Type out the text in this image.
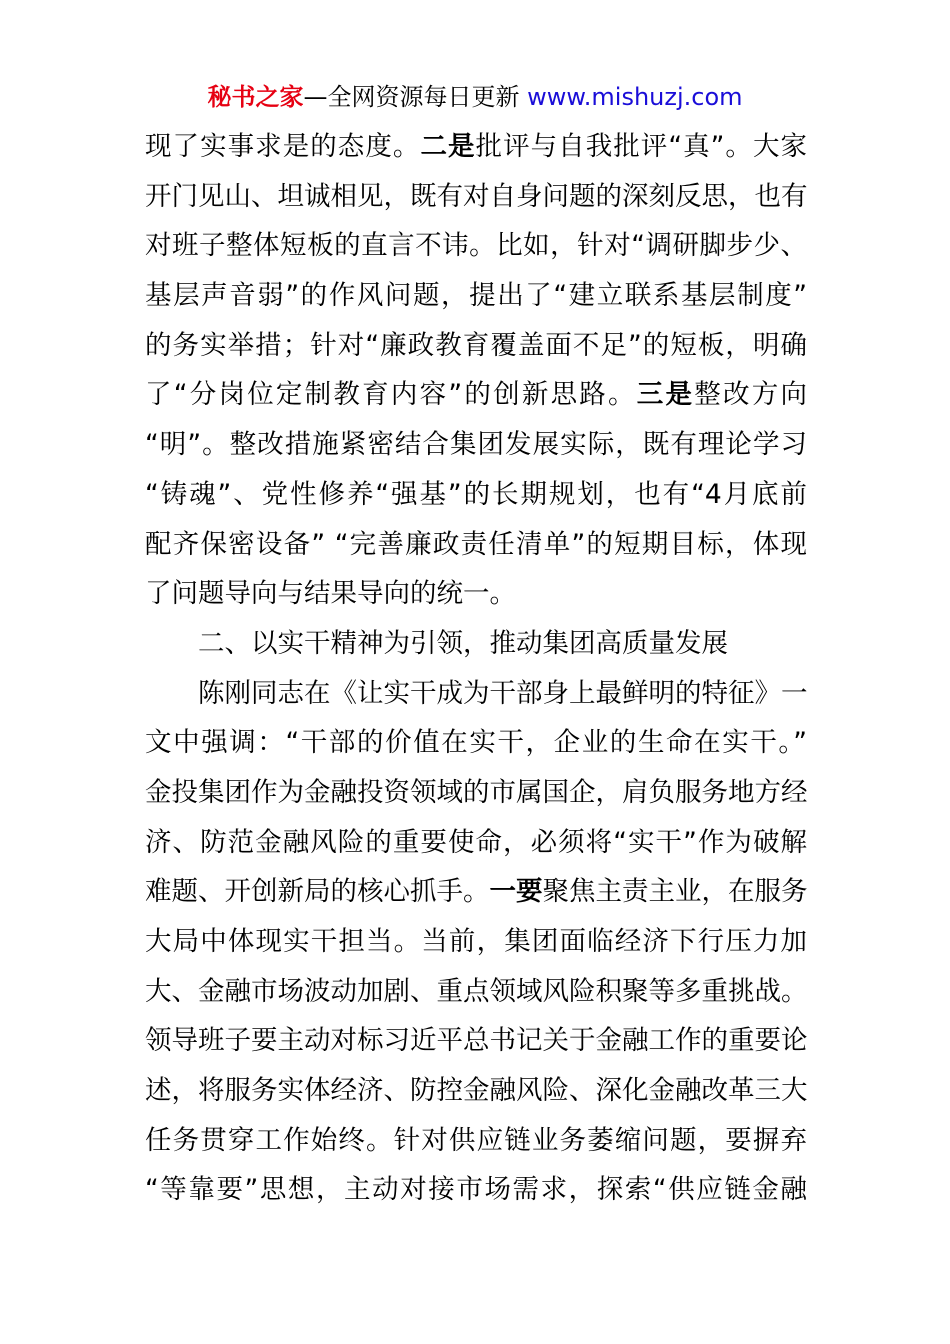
秘书之家—全网资源每日更新 www.mishuzj.com
现了实事求是的态度。二是批评与自我批评“真”。大家
开门见山、坦诚相见，既有对自身问题的深刻反思，也有
对班子整体短板的直言不讳。比如，针对“调研脚步少、
基层声音弱”的作风问题，提出了“建立联系基层制度”
的务实举措；针对“廉政教育覆盖面不足”的短板，明确
了“分岗位定制教育内容”的创新思路。三是整改方向
“明”。整改措施紧密结合集团发展实际，既有理论学习
“铸魂”、党性修养“强基”的长期规划，也有“4月底前
配齐保密设备” “完善廉政责任清单”的短期目标，体现
了问题导向与结果导向的统一。
二、以实干精神为引领，推动集团高质量发展
陈刚同志在《让实干成为干部身上最鲜明的特征》一
文中强调：“干部的价值在实干，企业的生命在实干。”
金投集团作为金融投资领域的市属国企，肩负服务地方经
济、防范金融风险的重要使命，必须将“实干”作为破解
难题、开创新局的核心抓手。一要聚焦主责主业，在服务
大局中体现实干担当。当前，集团面临经济下行压力加
大、金融市场波动加剧、重点领域风险积聚等多重挑战。
领导班子要主动对标习近平总书记关于金融工作的重要论
述，将服务实体经济、防控金融风险、深化金融改革三大
任务贯穿工作始终。针对供应链业务萎缩问题，要摒弃
“等靠要”思想，主动对接市场需求，探索“供应链金融
